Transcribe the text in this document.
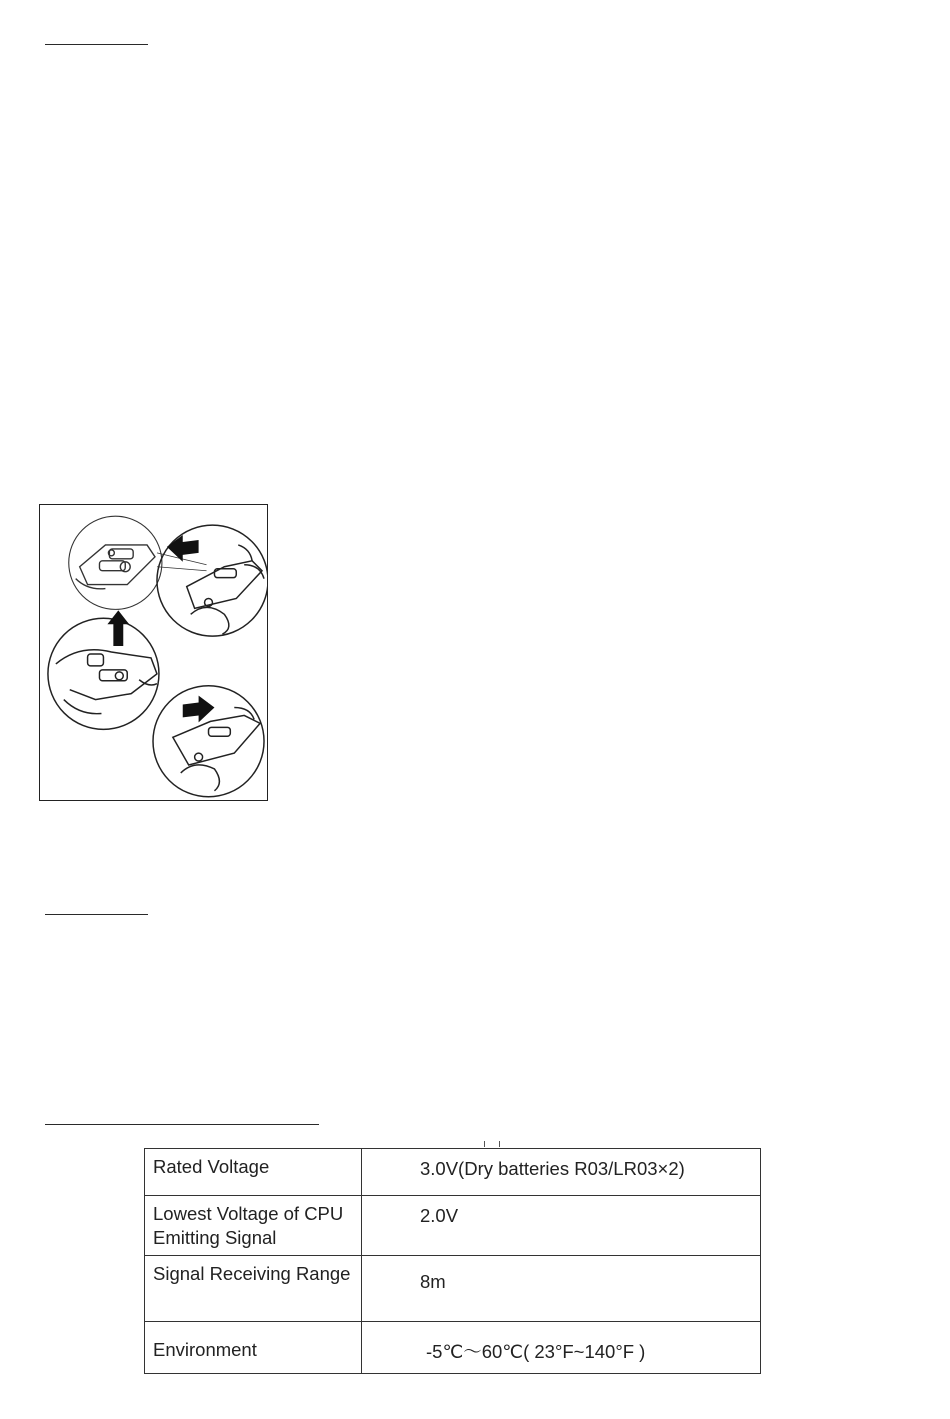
Rated Voltage	3.0V(Dry batteries R03/LR03×2)
Lowest Voltage of CPU Emitting Signal	2.0V
Signal Receiving Range	8m
Environment	-5℃～60℃( 23°F~140°F )
